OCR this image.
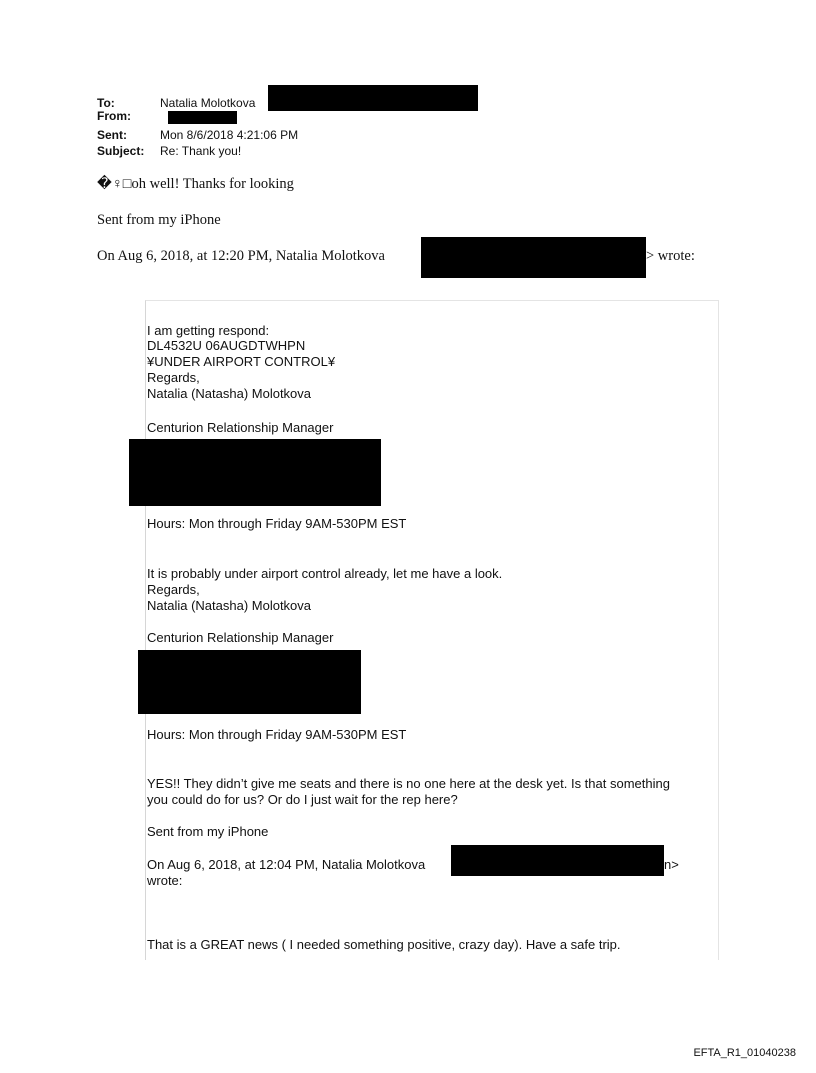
To:	Natalia Molotkova
From:
Sent:	Mon 8/6/2018 4:21:06 PM
Subject: Re: Thank you!
�♀□oh well! Thanks for looking
Sent from my iPhone
On Aug 6, 2018, at 12:20 PM, Natalia Molotkova	> wrote:
I am getting respond:
DL4532U 06AUGDTWHPN
¥UNDER AIRPORT CONTROL¥
Regards,
Natalia (Natasha) Molotkova
Centurion Relationship Manager
Hours: Mon through Friday 9AM-530PM EST
It is probably under airport control already, let me have a look.
Regards,
Natalia (Natasha) Molotkova
Centurion Relationship Manager
Hours: Mon through Friday 9AM-530PM EST
YES!! They didn’t give me seats and there is no one here at the desk yet. Is that something
you could do for us? Or do I just wait for the rep here?
Sent from my iPhone
On Aug 6, 2018, at 12:04 PM, Natalia Molotkova	n>
wrote:
That is a GREAT news ( I needed something positive, crazy day). Have a safe trip.
EFTA_R1_01040238
